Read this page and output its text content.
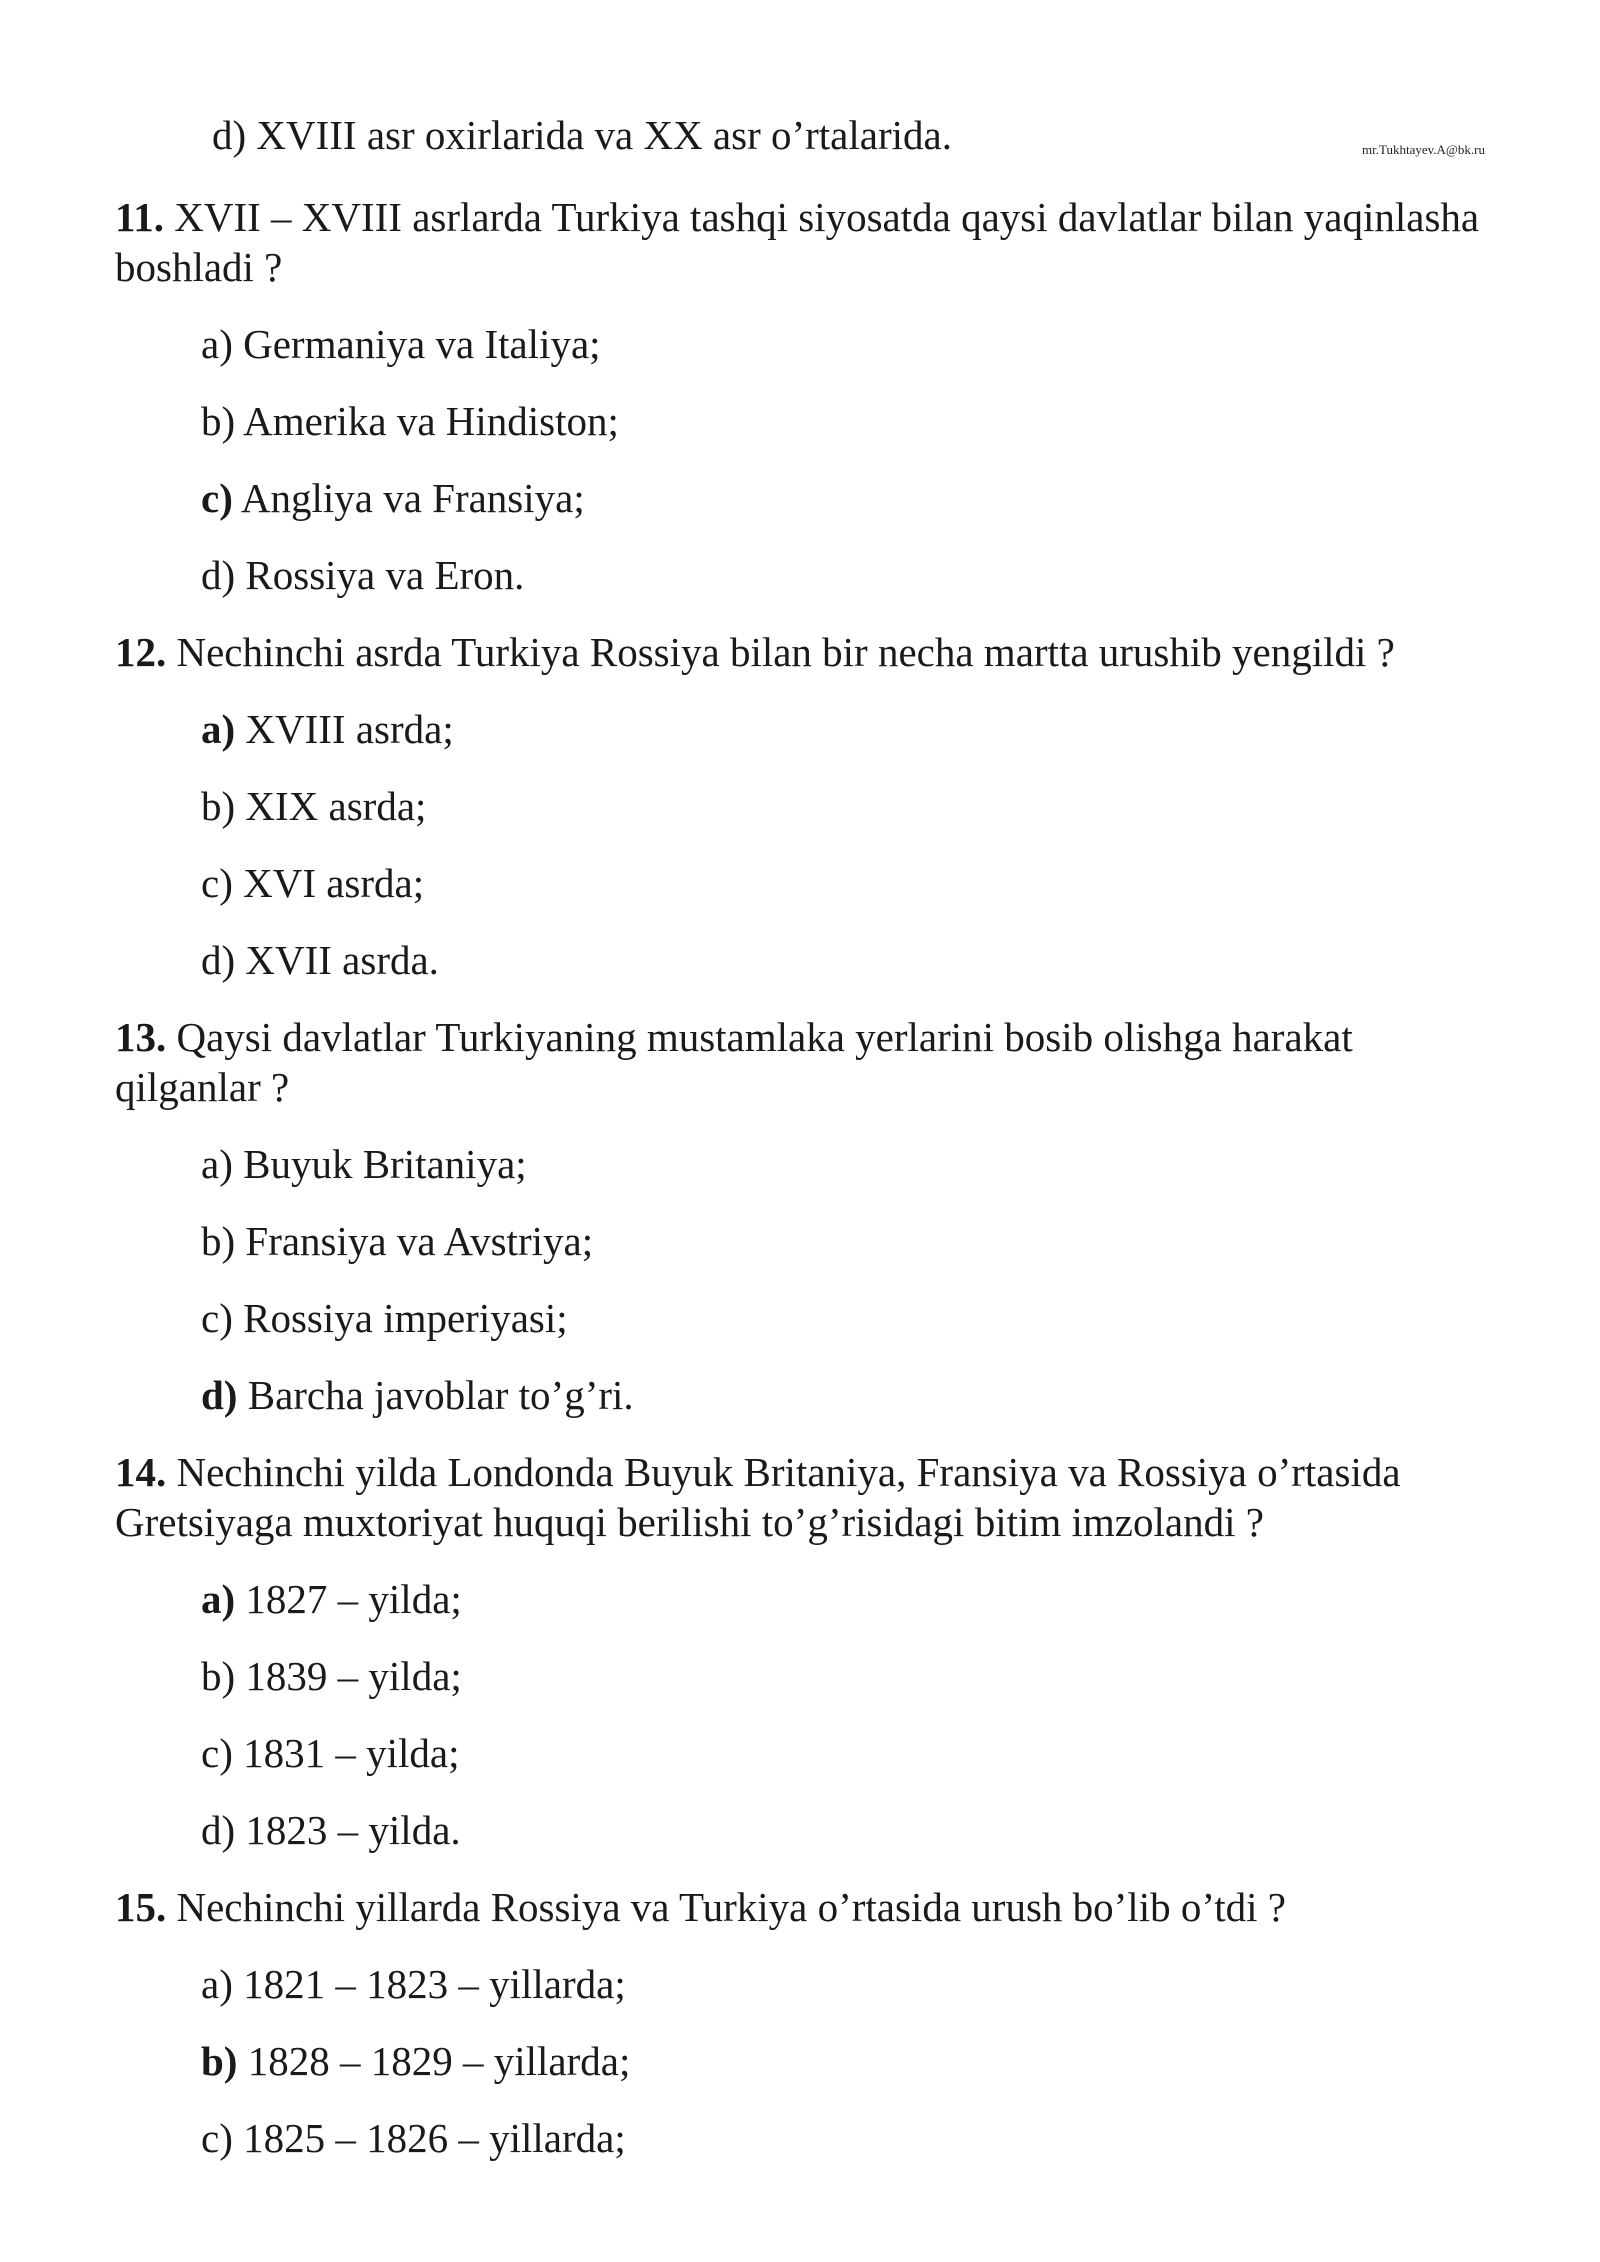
d) XVIII asr oxirlarida va XX asr o’rtalarida.	mr.Tukhtayev.A@bk.ru
11. XVII – XVIII asrlarda Turkiya tashqi siyosatda qaysi davlatlar bilan yaqinlasha boshladi ?
a) Germaniya va Italiya;
b) Amerika va Hindiston;
c) Angliya va Fransiya;
d) Rossiya va Eron.
12. Nechinchi asrda Turkiya Rossiya bilan bir necha martta urushib yengildi ?
a) XVIII asrda;
b) XIX asrda;
c) XVI asrda;
d) XVII asrda.
13. Qaysi davlatlar Turkiyaning mustamlaka yerlarini bosib olishga harakat qilganlar ?
a) Buyuk Britaniya;
b) Fransiya va Avstriya;
c) Rossiya imperiyasi;
d) Barcha javoblar to’g’ri.
14. Nechinchi yilda Londonda Buyuk Britaniya, Fransiya va Rossiya o’rtasida Gretsiyaga muxtoriyat huquqi berilishi to’g’risidagi bitim imzolandi ?
a) 1827 – yilda;
b) 1839 – yilda;
c) 1831 – yilda;
d) 1823 – yilda.
15. Nechinchi yillarda Rossiya va Turkiya o’rtasida urush bo’lib o’tdi ?
a) 1821 – 1823 – yillarda;
b) 1828 – 1829 – yillarda;
c) 1825 – 1826 – yillarda;
